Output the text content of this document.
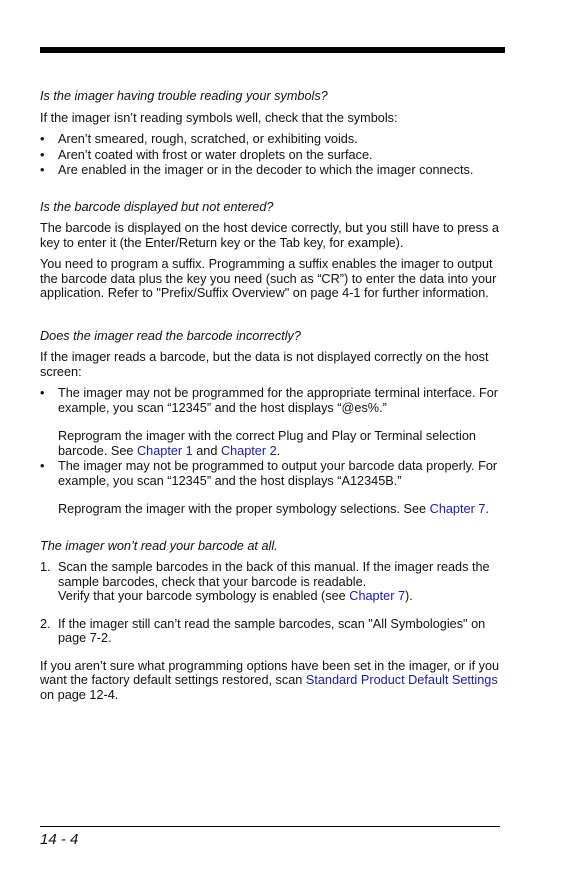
Is the imager having trouble reading your symbols?

If the imager isn’t reading symbols well, check that the symbols:

• Aren’t smeared, rough, scratched, or exhibiting voids.
• Aren’t coated with frost or water droplets on the surface.
• Are enabled in the imager or in the decoder to which the imager connects.
Is the barcode displayed but not entered?

The barcode is displayed on the host device correctly, but you still have to press a key to enter it (the Enter/Return key or the Tab key, for example).

You need to program a suffix. Programming a suffix enables the imager to output the barcode data plus the key you need (such as “CR”) to enter the data into your application. Refer to "Prefix/Suffix Overview" on page 4-1 for further information.

Does the imager read the barcode incorrectly?

If the imager reads a barcode, but the data is not displayed correctly on the host screen:

• The imager may not be programmed for the appropriate terminal interface. For example, you scan “12345” and the host displays “@es%.”
Reprogram the imager with the correct Plug and Play or Terminal selection barcode. See Chapter 1 and Chapter 2.
• The imager may not be programmed to output your barcode data properly. For example, you scan “12345” and the host displays “A12345B.”
Reprogram the imager with the proper symbology selections. See Chapter 7.
The imager won’t read your barcode at all.
1. Scan the sample barcodes in the back of this manual. If the imager reads the sample barcodes, check that your barcode is readable.
Verify that your barcode symbology is enabled (see Chapter 7).
2. If the imager still can’t read the sample barcodes, scan "All Symbologies" on page 7-2.

If you aren’t sure what programming options have been set in the imager, or if you want the factory default settings restored, scan Standard Product Default Settings on page 12-4.

14 - 4
